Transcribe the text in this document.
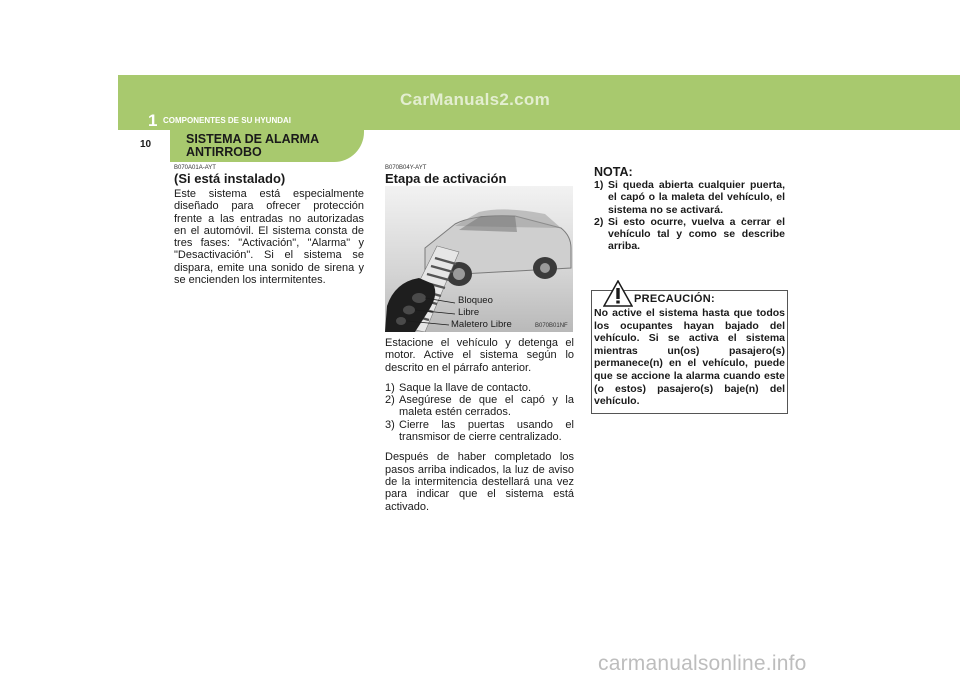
1 COMPONENTES DE SU HYUNDAI
CarManuals2.com
10	SISTEMA DE ALARMA ANTIRROBO
B070A01A-AYT
(Si está instalado)
Este sistema está especialmente diseñado para ofrecer protección frente a las entradas no autorizadas en el automóvil. El sistema consta de tres fases: "Activación", "Alarma" y "Desactivación". Si el sistema se dispara, emite una sonido de sirena y se encienden los intermitentes.
B070B04Y-AYT
Etapa de activación
Bloqueo
Libre
Maletero Libre	B070B01NF
Estacione el vehículo y detenga el motor. Active el sistema según lo descrito en el párrafo anterior.
1) Saque la llave de contacto.
2) Asegúrese de que el capó y la maleta estén cerrados.
3) Cierre las puertas usando el transmisor de cierre centralizado.
Después de haber completado los pasos arriba indicados, la luz de aviso de la intermitencia destellará una vez para indicar que el sistema está activado.
NOTA:
1) Si queda abierta cualquier puerta, el capó o la maleta del vehículo, el sistema no se activará.
2) Si esto ocurre, vuelva a cerrar el vehículo tal y como se describe arriba.
PRECAUCIÓN:
No active el sistema hasta que todos los ocupantes hayan bajado del vehículo. Si se activa el sistema mientras un(os) pasajero(s) permanece(n) en el vehículo, puede que se accione la alarma cuando este (o estos) pasajero(s) baje(n) del vehículo.
carmanualsonline.info
